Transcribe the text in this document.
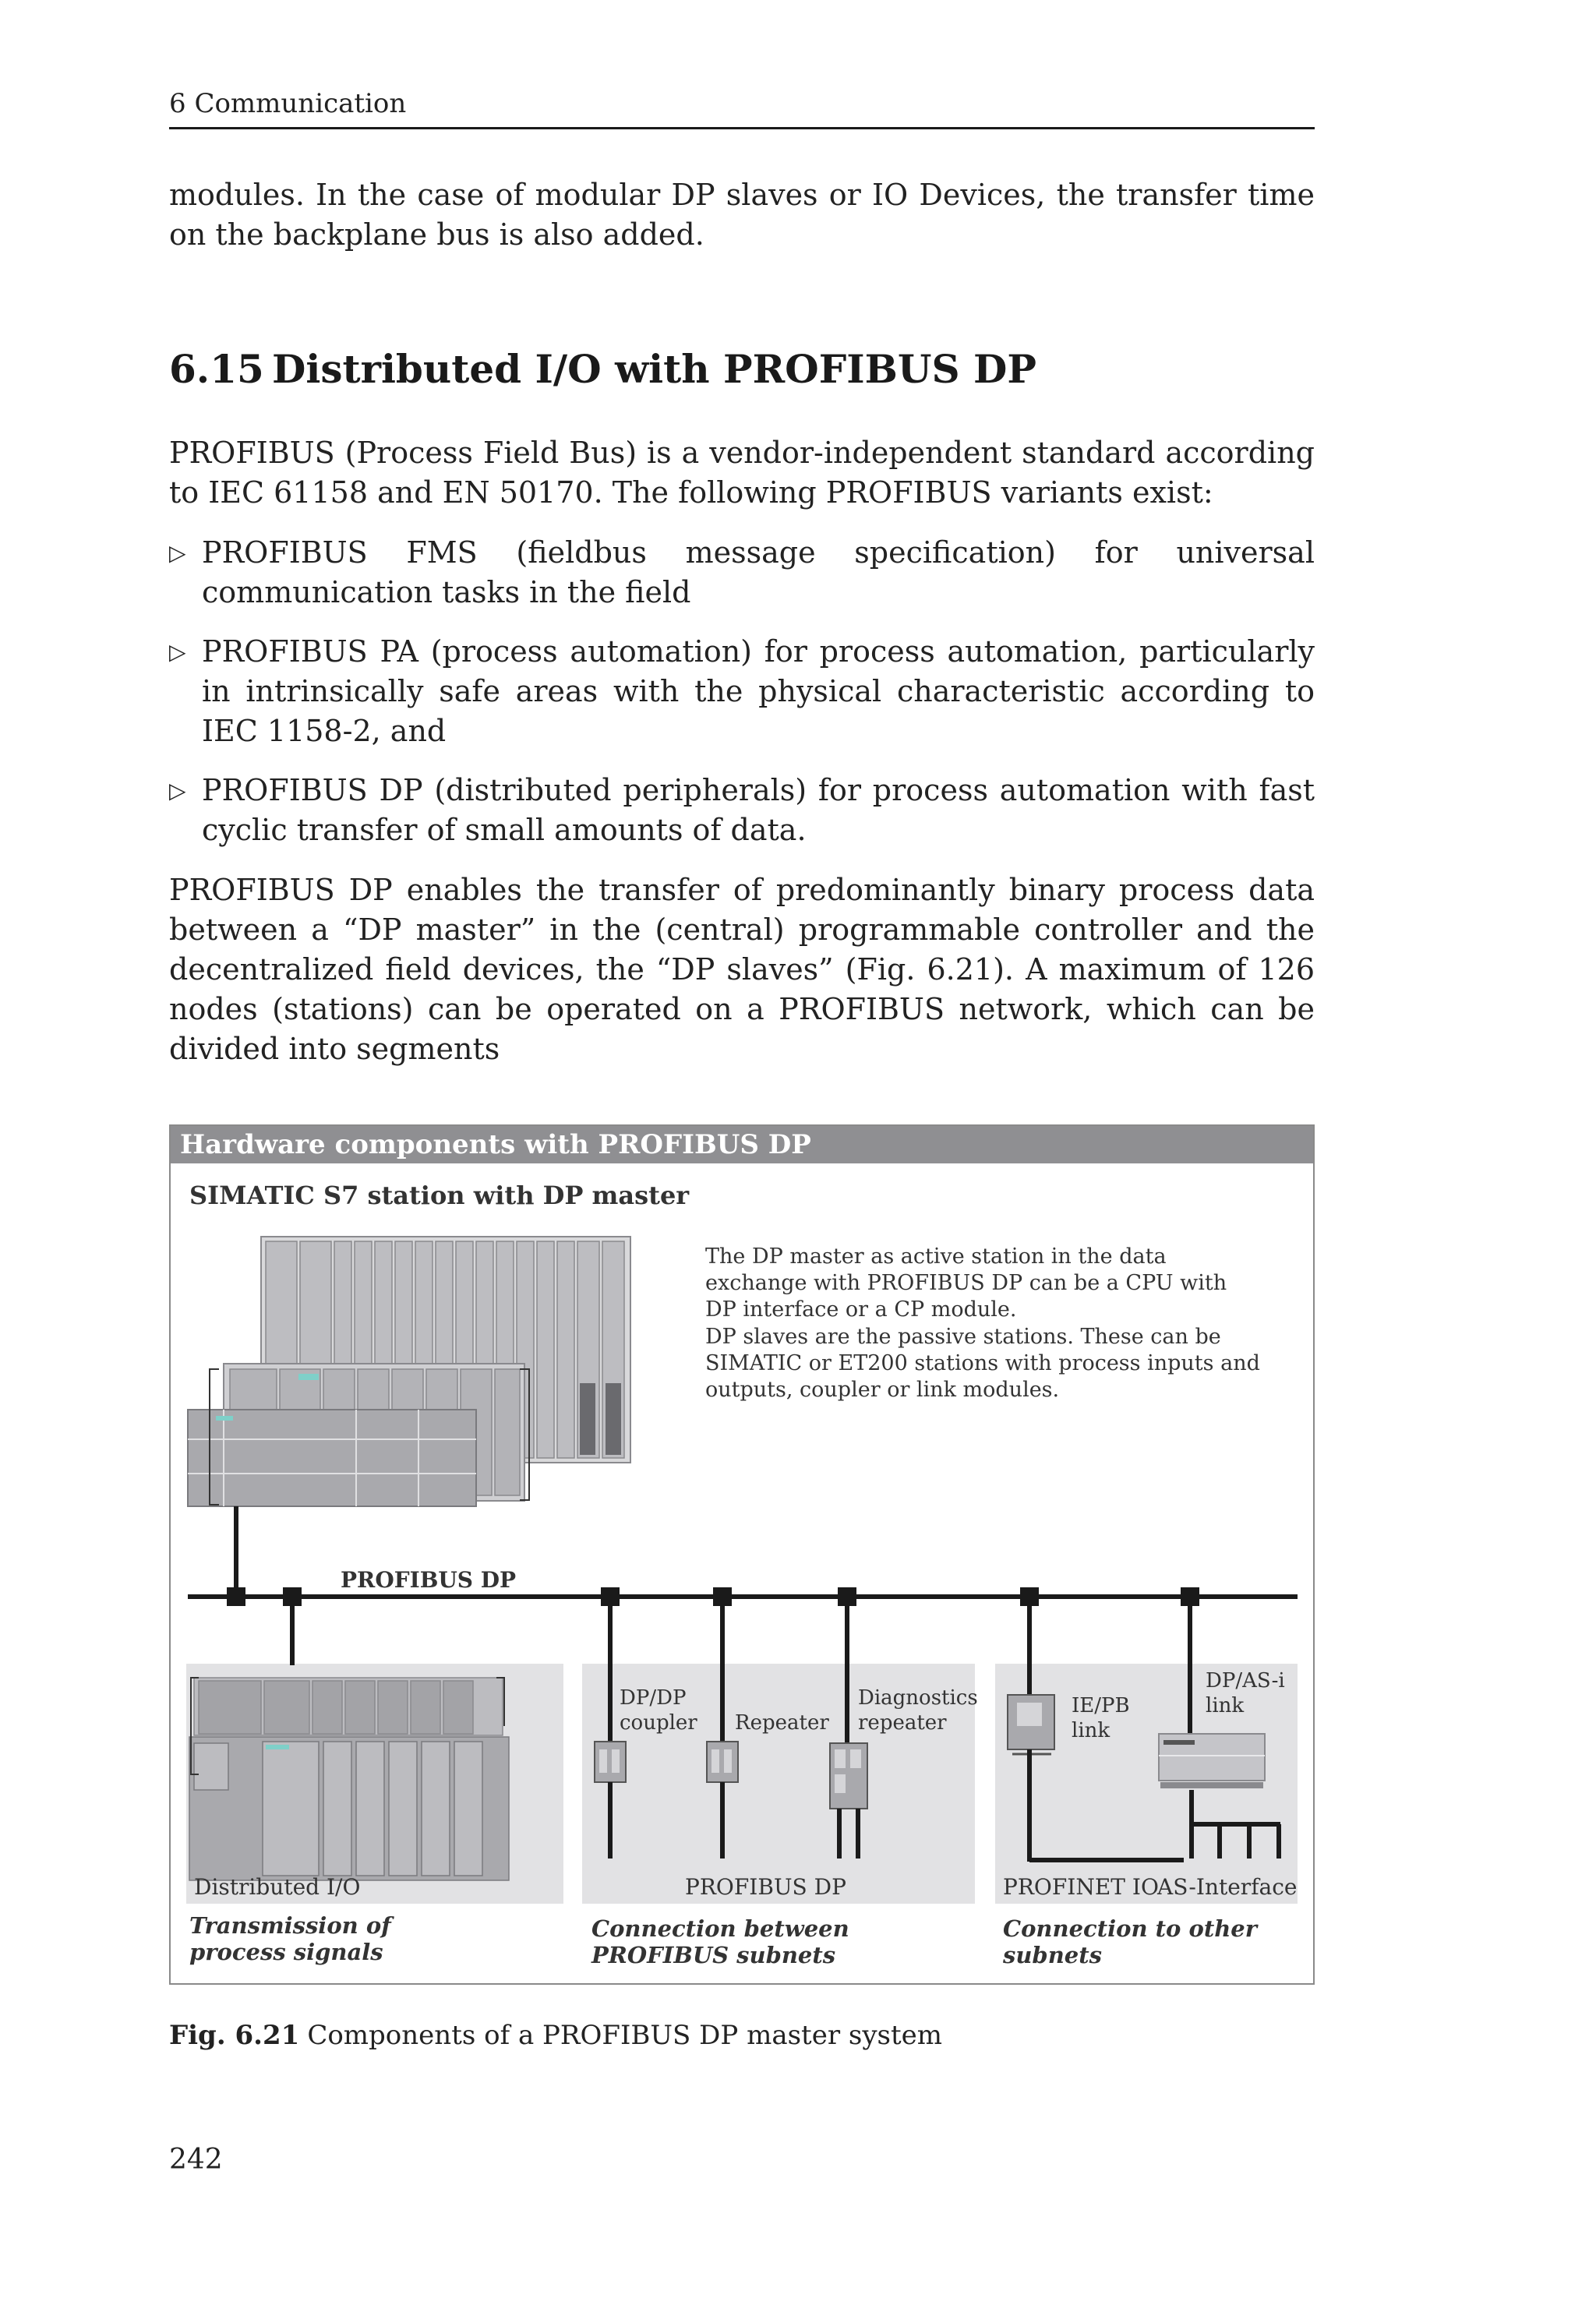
6 Communication
modules. In the case of modular DP slaves or IO Devices, the transfer time on the backplane bus is also added.
6.15 Distributed I/O with PROFIBUS DP
PROFIBUS (Process Field Bus) is a vendor-independent standard according to IEC 61158 and EN 50170. The following PROFIBUS variants exist:
▷ PROFIBUS FMS (fieldbus message specification) for universal communication tasks in the field
▷ PROFIBUS PA (process automation) for process automation, particularly in intrinsically safe areas with the physical characteristic according to IEC 1158-2, and
▷ PROFIBUS DP (distributed peripherals) for process automation with fast cyclic transfer of small amounts of data.
PROFIBUS DP enables the transfer of predominantly binary process data between a “DP master” in the (central) programmable controller and the decentralized field devices, the “DP slaves” (Fig. 6.21). A maximum of 126 nodes (stations) can be operated on a PROFIBUS network, which can be divided into segments
Hardware components with PROFIBUS DP
SIMATIC S7 station with DP master
The DP master as active station in the data
exchange with PROFIBUS DP can be a CPU with
DP interface or a CP module.
DP slaves are the passive stations. These can be
SIMATIC or ET200 stations with process inputs and
outputs, coupler or link modules.
PROFIBUS DP
DP/DP
coupler Repeater
Diagnostics
repeater
IE/PB
link
DP/AS-i
link
Distributed I/O	PROFIBUS DP	PROFINET IO
AS-Interface
Transmission of
process signals
Connection between
PROFIBUS subnets
Connection to other
subnets
Fig. 6.21 Components of a PROFIBUS DP master system
242
